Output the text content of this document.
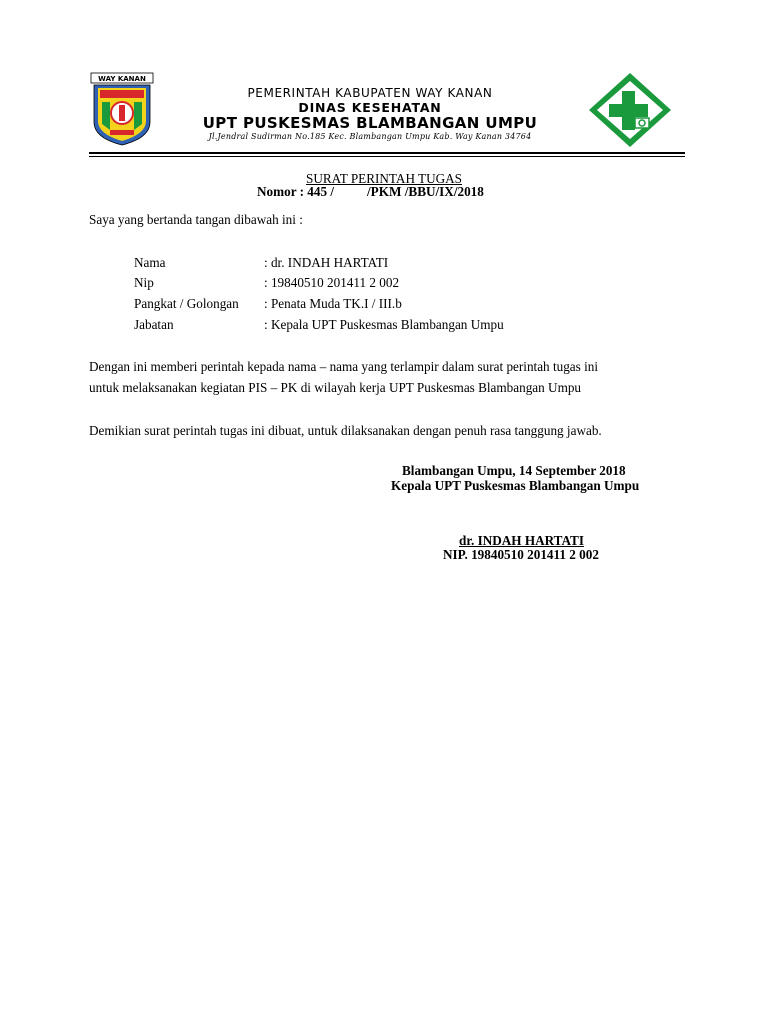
WAY KANAN
PEMERINTAH KABUPATEN WAY KANAN
DINAS KESEHATAN
UPT PUSKESMAS BLAMBANGAN UMPU
Jl.Jendral Sudirman No.185 Kec. Blambangan Umpu Kab. Way Kanan 34764
SURAT PERINTAH TUGAS
Nomor : 445 /          /PKM /BBU/IX/2018
Saya yang bertanda tangan dibawah ini :
Nama	: dr. INDAH HARTATI
Nip	: 19840510 201411 2 002
Pangkat / Golongan : Penata Muda TK.I / III.b
Jabatan	: Kepala UPT Puskesmas Blambangan Umpu
Dengan ini memberi perintah kepada nama – nama yang terlampir dalam surat perintah tugas ini
untuk melaksanakan kegiatan PIS – PK di wilayah kerja UPT Puskesmas Blambangan Umpu
Demikian surat perintah tugas ini dibuat, untuk dilaksanakan dengan penuh rasa tanggung jawab.
Blambangan Umpu, 14 September 2018
Kepala UPT Puskesmas Blambangan Umpu
dr. INDAH HARTATI
NIP. 19840510 201411 2 002
